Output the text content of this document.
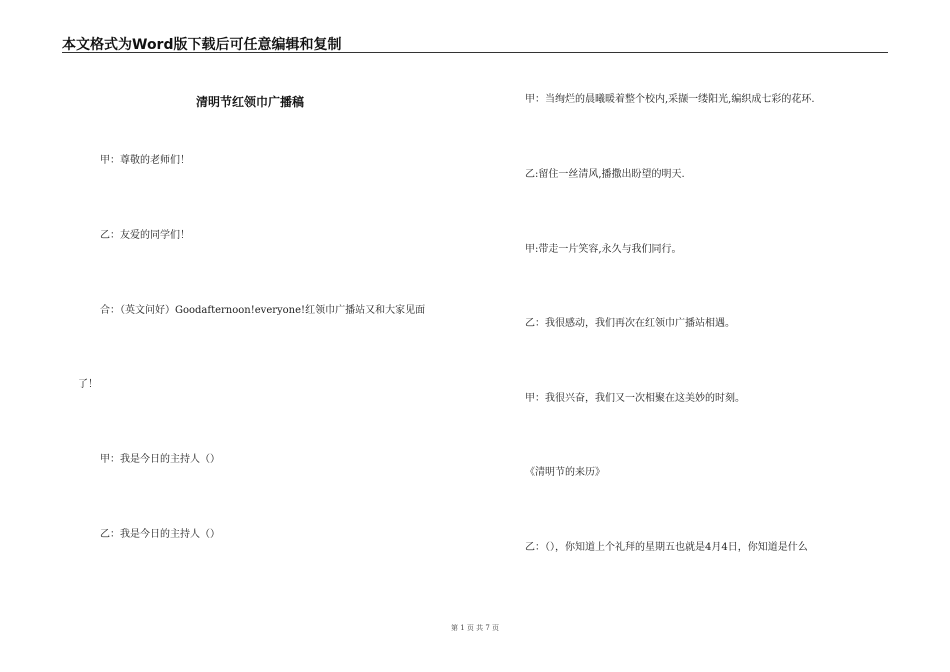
本文格式为Word版下载后可任意编辑和复制
清明节红领巾广播稿
甲：尊敬的老师们！
乙：友爱的同学们！
合：（英文问好）Goodafternoon!everyone!红领巾广播站又和大家见面
了！
甲：我是今日的主持人（）
乙：我是今日的主持人（）
甲：当绚烂的晨曦暖着整个校内,采撷一缕阳光,编织成七彩的花环.
乙:留住一丝清风,播撒出盼望的明天.
甲:带走一片笑容,永久与我们同行。
乙：我很感动，我们再次在红领巾广播站相遇。
甲：我很兴奋，我们又一次相聚在这美妙的时刻。
《清明节的来历》
乙：（），你知道上个礼拜的星期五也就是4月4日，你知道是什么
第 1 页 共 7 页
